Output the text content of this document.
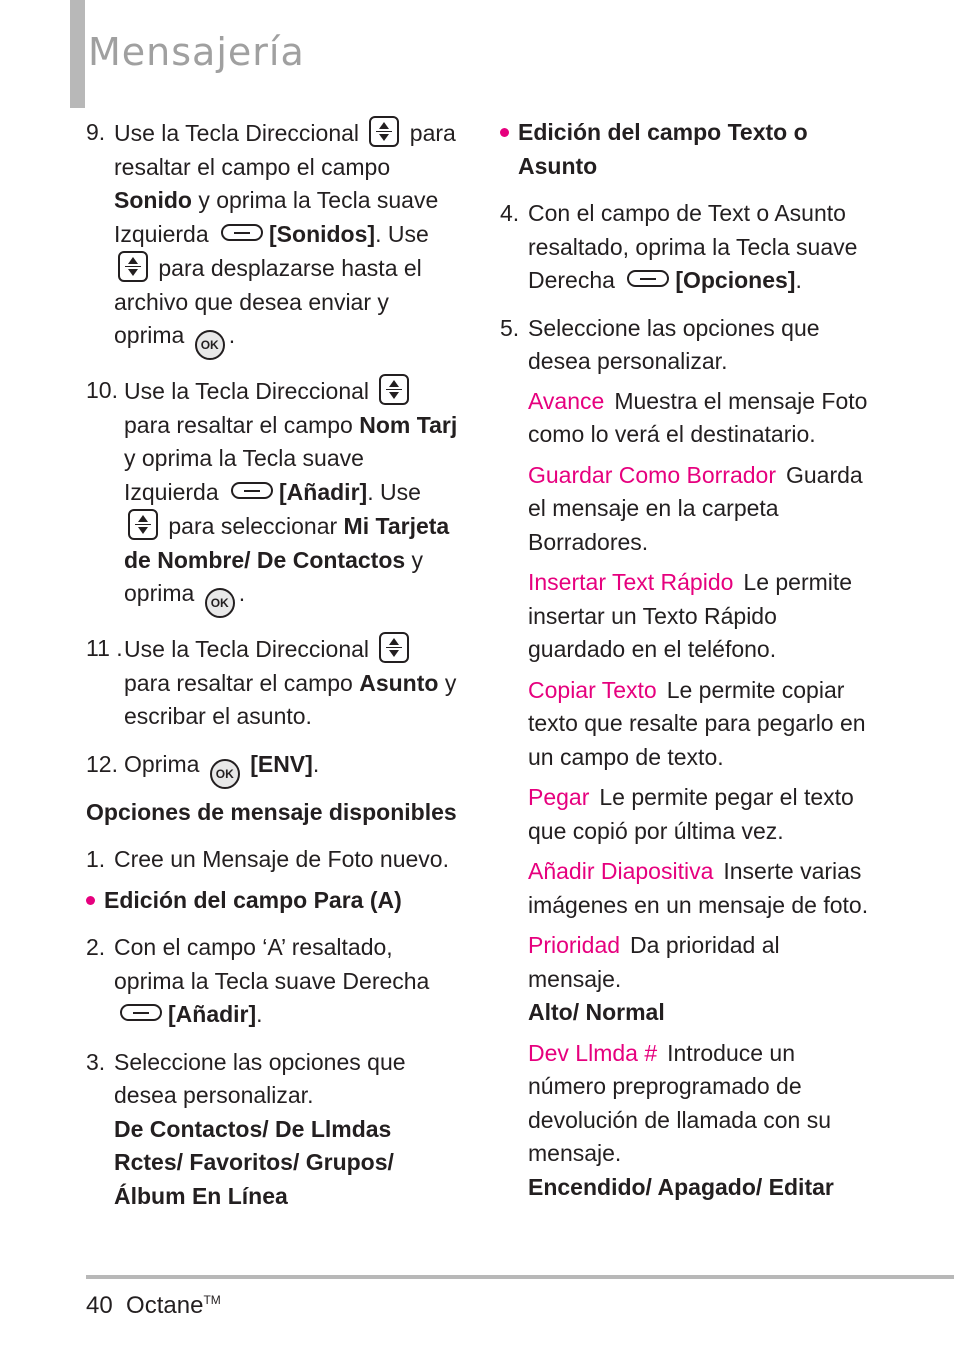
Mensajería
9. Use la Tecla Direccional para resaltar el campo el campo Sonido y oprima la Tecla suave Izquierda	[Sonidos]. Use
para desplazarse hasta el archivo que desea enviar y oprima OK .
10. Use la Tecla Direccional
para resaltar el campo Nom Tarj y oprima la Tecla suave Izquierda	[Añadir]. Use
para seleccionar Mi Tarjeta de Nombre/ De Contactos y oprima OK .
11 . Use la Tecla Direccional
para resaltar el campo Asunto y escribar el asunto.
12. Oprima OK [ENV].
Opciones de mensaje disponibles
1. Cree un Mensaje de Foto nuevo.
Edición del campo Para (A)
2. Con el campo ‘A’ resaltado, oprima la Tecla suave Derecha [Añadir].
3. Seleccione las opciones que desea personalizar.
De Contactos/ De Llmdas Rctes/ Favoritos/ Grupos/ Álbum En Línea
Edición del campo Texto o Asunto
4. Con el campo de Text o Asunto resaltado, oprima la Tecla suave Derecha	[Opciones].
5. Seleccione las opciones que desea personalizar.
Avance Muestra el mensaje Foto como lo verá el destinatario.
Guardar Como Borrador Guarda el mensaje en la carpeta Borradores.
Insertar Text Rápido Le permite insertar un Texto Rápido guardado en el teléfono.
Copiar Texto Le permite copiar texto que resalte para pegarlo en un campo de texto.
Pegar Le permite pegar el texto que copió por última vez.
Añadir Diapositiva Inserte varias imágenes en un mensaje de foto.
Prioridad Da prioridad al mensaje.
Alto/ Normal
Dev Llmda # Introduce un número preprogramado de devolución de llamada con su mensaje.
Encendido/ Apagado/ Editar
40 Octane™
